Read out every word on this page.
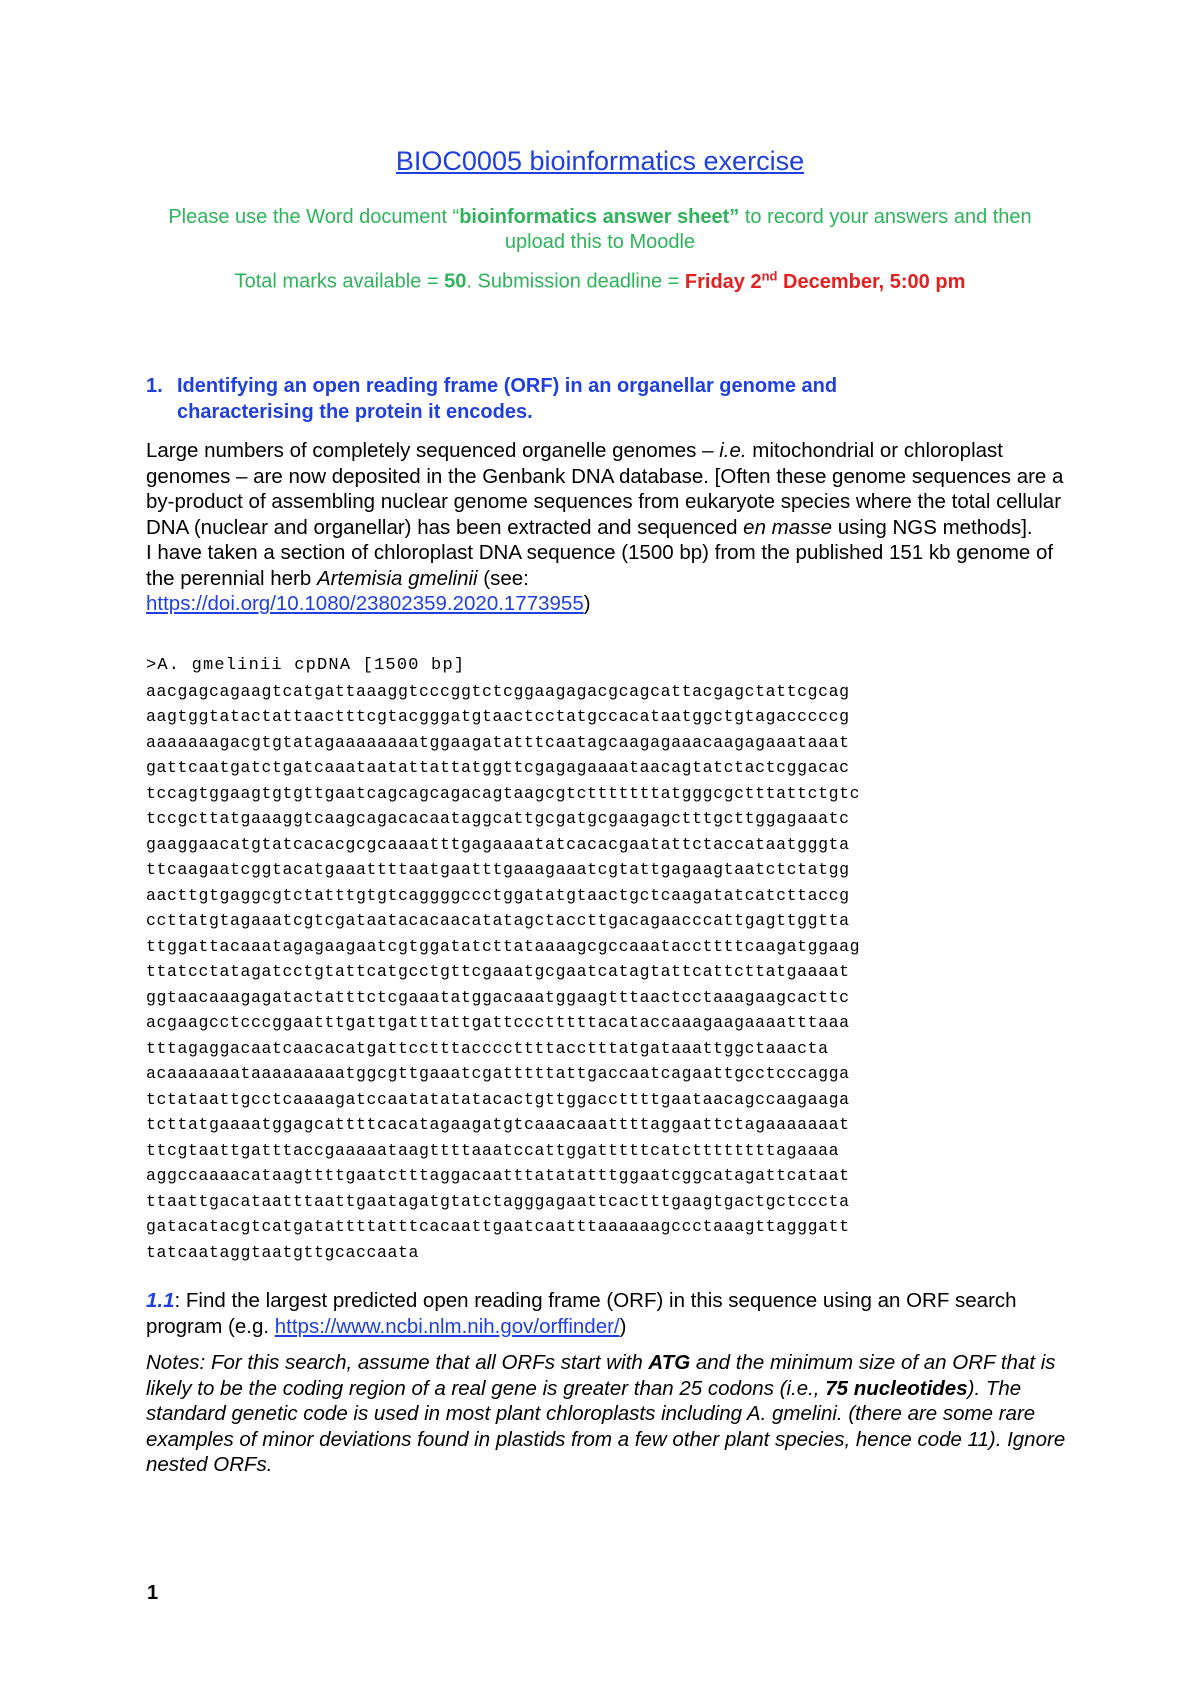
BIOC0005 bioinformatics exercise
Please use the Word document “bioinformatics answer sheet” to record your answers and then upload this to Moodle
Total marks available = 50. Submission deadline = Friday 2nd December, 5:00 pm
1. Identifying an open reading frame (ORF) in an organellar genome and characterising the protein it encodes.
Large numbers of completely sequenced organelle genomes – i.e. mitochondrial or chloroplast genomes – are now deposited in the Genbank DNA database. [Often these genome sequences are a by-product of assembling nuclear genome sequences from eukaryote species where the total cellular DNA (nuclear and organellar) has been extracted and sequenced en masse using NGS methods].
I have taken a section of chloroplast DNA sequence (1500 bp) from the published 151 kb genome of the perennial herb Artemisia gmelinii (see:
https://doi.org/10.1080/23802359.2020.1773955)
>A. gmelinii cpDNA [1500 bp]
aacgagcagaagtcatgattaaaggtcccggtctcggaagagacgcagcattacgagctattcgcag
aagtggtatactattaactttcgtacgggatgtaactcctatgccacataatggctgtagacccccg
aaaaaaagacgtgtatagaaaaaaaatggaagatatttcaatagcaagagaaacaagagaaataaat
gattcaatgatctgatcaaataatattattatggttcgagagaaaataacagtatctactcggacac
tccagtggaagtgtgttgaatcagcagcagacagtaagcgtctttttttatgggcgctttattctgtc
tccgcttatgaaaggtcaagcagacacaataggcattgcgatgcgaagagctttgcttggagaaatc
gaaggaacatgtatcacacgcgcaaaatttgagaaaatatcacacgaatattctaccataatgggta
ttcaagaatcggtacatgaaattttaatgaatttgaaagaaatcgtattgagaagtaatctctatgg
aacttgtgaggcgtctatttgtgtcaggggccctggatatgtaactgctcaagatatcatcttaccg
ccttatgtagaaatcgtcgataatacacaacatatagctaccttgacagaacccattgagttggtta
ttggattacaaatagagaagaatcgtggatatcttataaaagcgccaaataccttttcaagatggaag
ttatcctatagatcctgtattcatgcctgttcgaaatgcgaatcatagtattcattcttatgaaaat
ggtaacaaagagatactatttctcgaaatatggacaaatggaagtttaactcctaaagaagcacttc
acgaagcctcccggaatttgattgatttattgattccctttttacataccaaagaagaaaatttaaa
tttagaggacaatcaacacatgattcctttaccccttttacctttatgataaattggctaaacta
acaaaaaaataaaaaaaaatggcgttgaaatcgatttttattgaccaatcagaattgcctcccagga
tctataattgcctcaaaagatccaatatatatacactgttggaccttttgaataacagccaagaaga
tcttatgaaaatggagcattttcacatagaagatgtcaaacaaattttaggaattctagaaaaaaat
ttcgtaattgatttaccgaaaaataagttttaaatccattggatttttcatcttttttttagaaaa
aggccaaaacataagttttgaatctttaggacaatttatatatttggaatcggcatagattcataat
ttaattgacataatttaattgaatagatgtatctagggagaattcactttgaagtgactgctcccta
gatacatacgtcatgatattttatttcacaattgaatcaatttaaaaaagccctaaagttagggatt
tatcaataggtaatgttgcaccaata
1.1: Find the largest predicted open reading frame (ORF) in this sequence using an ORF search program (e.g. https://www.ncbi.nlm.nih.gov/orffinder/)
Notes: For this search, assume that all ORFs start with ATG and the minimum size of an ORF that is likely to be the coding region of a real gene is greater than 25 codons (i.e., 75 nucleotides). The standard genetic code is used in most plant chloroplasts including A. gmelini. (there are some rare examples of minor deviations found in plastids from a few other plant species, hence code 11). Ignore nested ORFs.
1
